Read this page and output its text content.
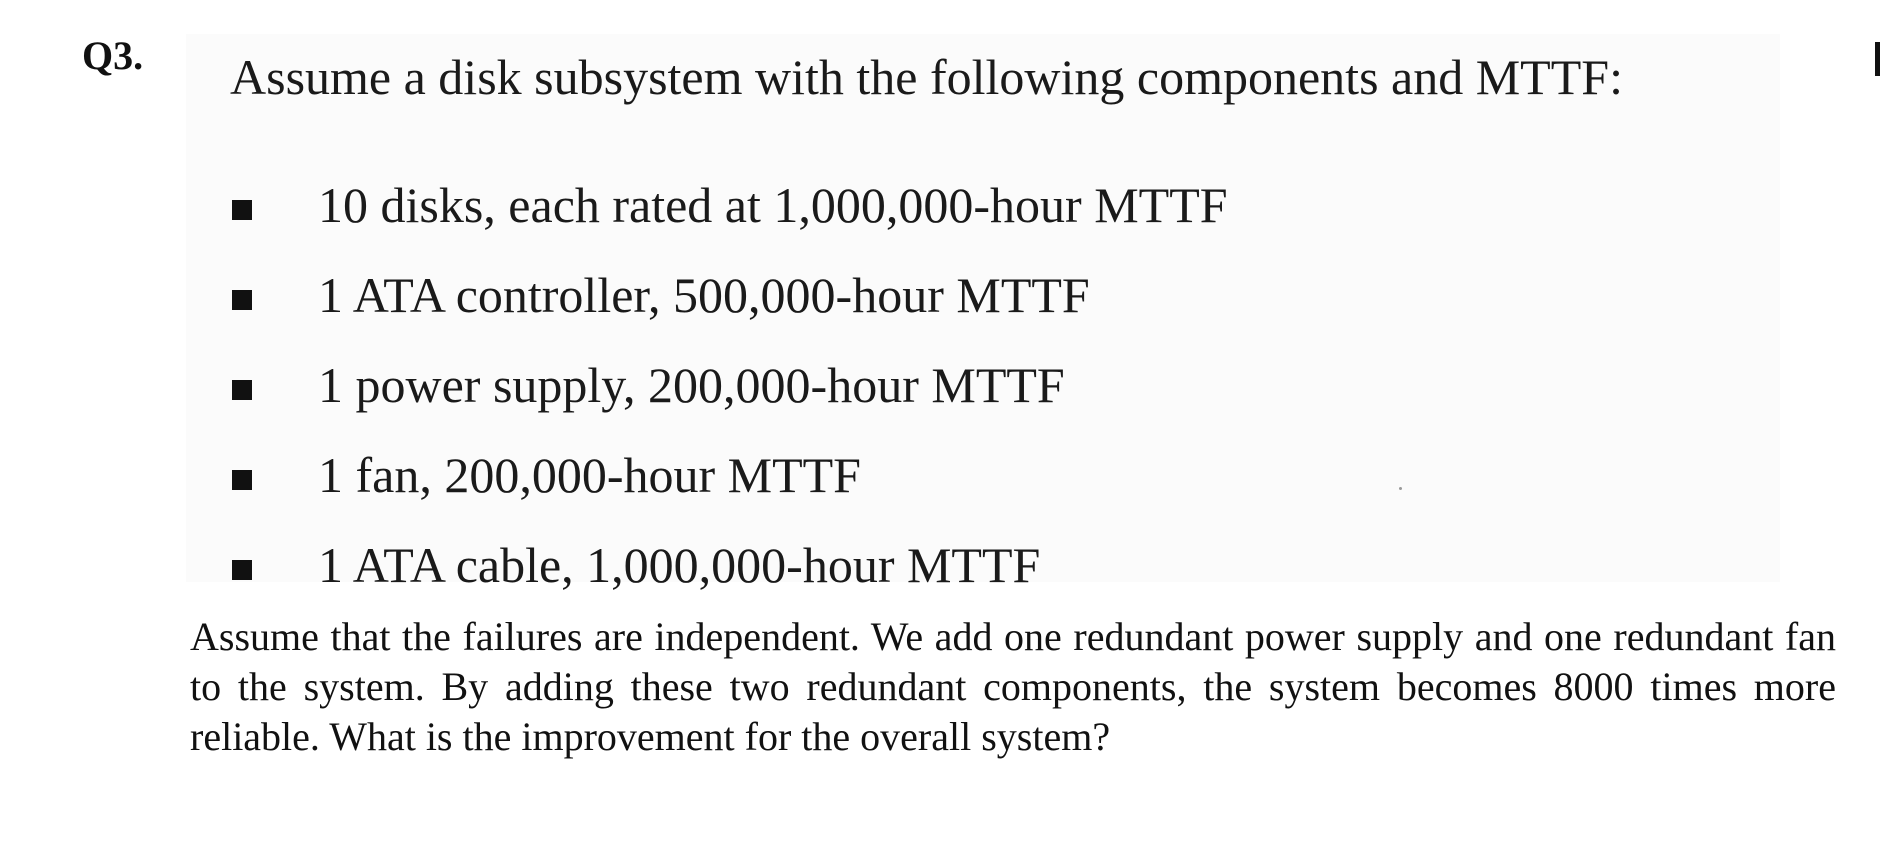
Q3. Assume a disk subsystem with the following components and MTTF:
10 disks, each rated at 1,000,000-hour MTTF
1 ATA controller, 500,000-hour MTTF
1 power supply, 200,000-hour MTTF
1 fan, 200,000-hour MTTF
1 ATA cable, 1,000,000-hour MTTF

Assume that the failures are independent. We add one redundant power supply and one redundant fan to the system. By adding these two redundant components, the system becomes 8000 times more reliable. What is the improvement for the overall system?
